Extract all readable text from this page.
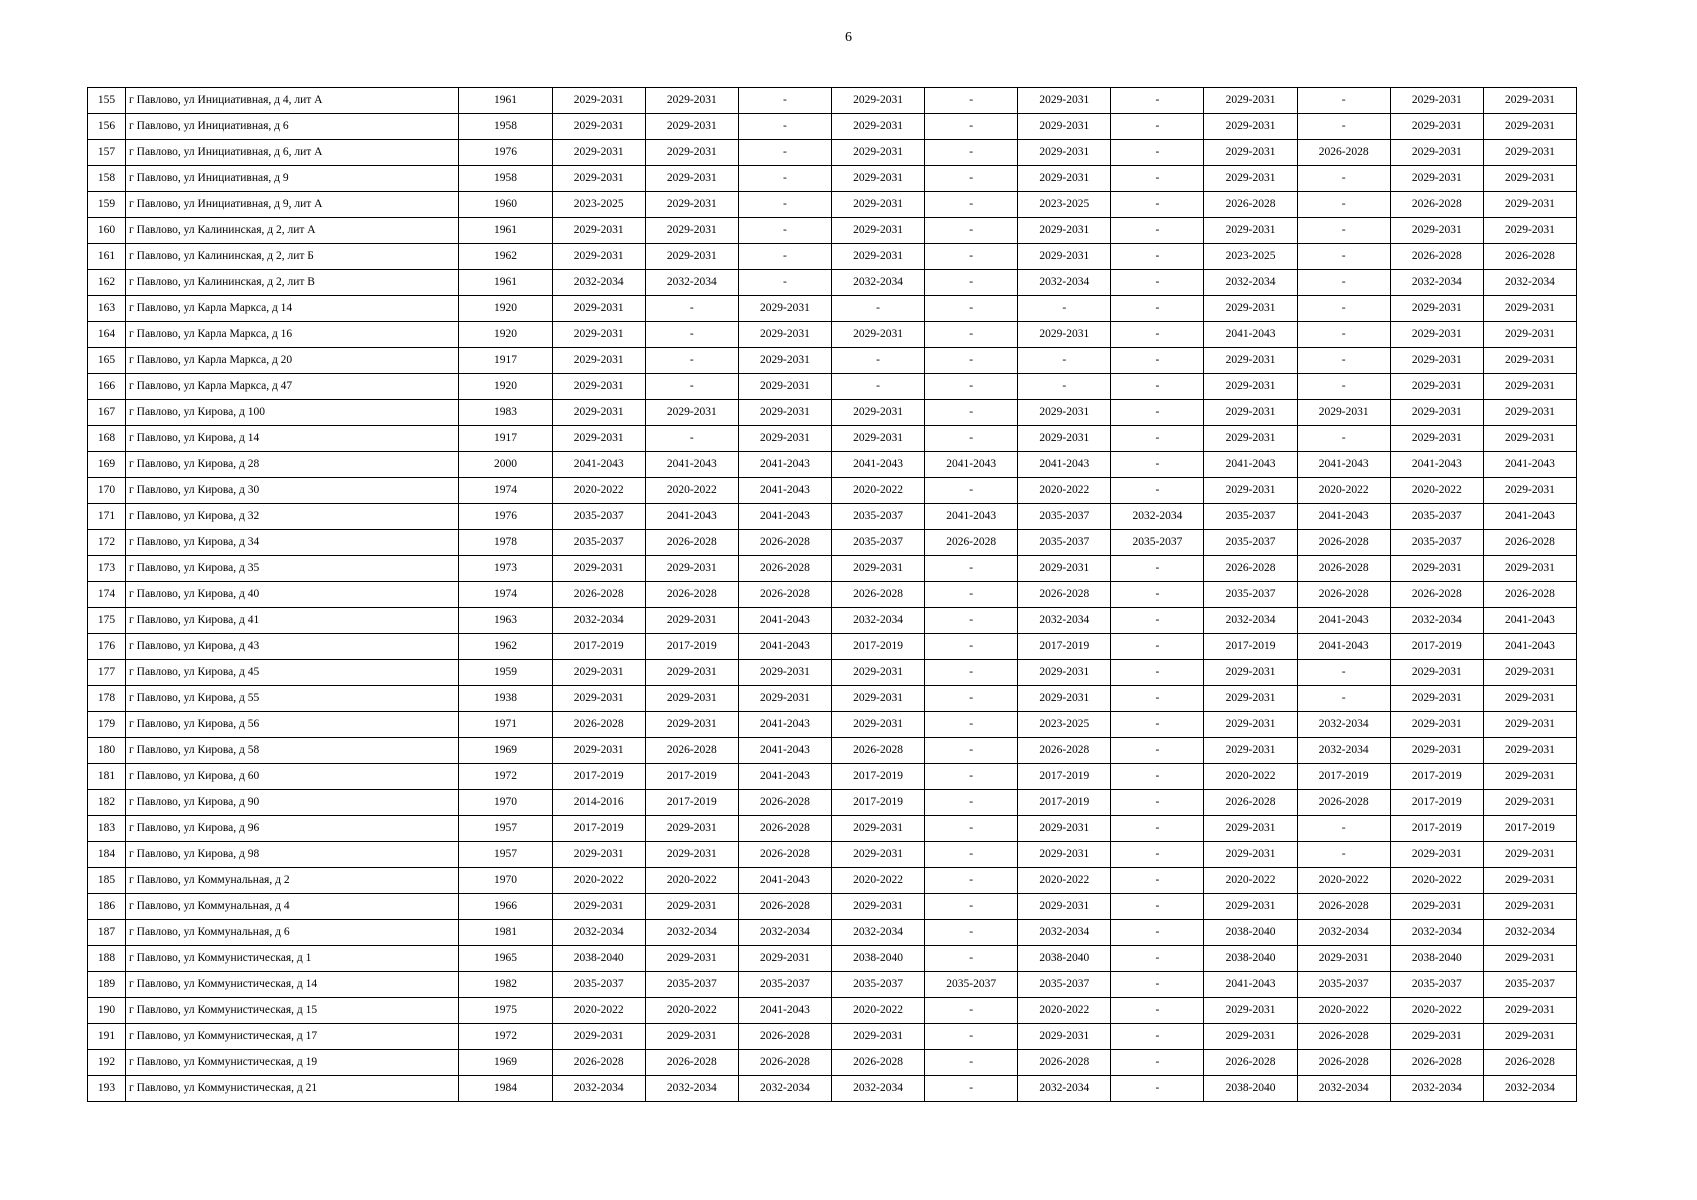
6
155	г Павлово, ул Инициативная, д 4, лит А	1961	2029-2031	2029-2031	-	2029-2031	-	2029-2031	-	2029-2031	-	2029-2031	2029-2031
156	г Павлово, ул Инициативная, д 6	1958	2029-2031	2029-2031	-	2029-2031	-	2029-2031	-	2029-2031	-	2029-2031	2029-2031
157	г Павлово, ул Инициативная, д 6, лит А	1976	2029-2031	2029-2031	-	2029-2031	-	2029-2031	-	2029-2031	2026-2028	2029-2031	2029-2031
158	г Павлово, ул Инициативная, д 9	1958	2029-2031	2029-2031	-	2029-2031	-	2029-2031	-	2029-2031	-	2029-2031	2029-2031
159	г Павлово, ул Инициативная, д 9, лит А	1960	2023-2025	2029-2031	-	2029-2031	-	2023-2025	-	2026-2028	-	2026-2028	2029-2031
160	г Павлово, ул Калининская, д 2, лит А	1961	2029-2031	2029-2031	-	2029-2031	-	2029-2031	-	2029-2031	-	2029-2031	2029-2031
161	г Павлово, ул Калининская, д 2, лит Б	1962	2029-2031	2029-2031	-	2029-2031	-	2029-2031	-	2023-2025	-	2026-2028	2026-2028
162	г Павлово, ул Калининская, д 2, лит В	1961	2032-2034	2032-2034	-	2032-2034	-	2032-2034	-	2032-2034	-	2032-2034	2032-2034
163	г Павлово, ул Карла Маркса, д 14	1920	2029-2031	-	2029-2031	-	-	-	-	2029-2031	-	2029-2031	2029-2031
164	г Павлово, ул Карла Маркса, д 16	1920	2029-2031	-	2029-2031	2029-2031	-	2029-2031	-	2041-2043	-	2029-2031	2029-2031
165	г Павлово, ул Карла Маркса, д 20	1917	2029-2031	-	2029-2031	-	-	-	-	2029-2031	-	2029-2031	2029-2031
166	г Павлово, ул Карла Маркса, д 47	1920	2029-2031	-	2029-2031	-	-	-	-	2029-2031	-	2029-2031	2029-2031
167	г Павлово, ул Кирова, д 100	1983	2029-2031	2029-2031	2029-2031	2029-2031	-	2029-2031	-	2029-2031	2029-2031	2029-2031	2029-2031
168	г Павлово, ул Кирова, д 14	1917	2029-2031	-	2029-2031	2029-2031	-	2029-2031	-	2029-2031	-	2029-2031	2029-2031
169	г Павлово, ул Кирова, д 28	2000	2041-2043	2041-2043	2041-2043	2041-2043	2041-2043	2041-2043	-	2041-2043	2041-2043	2041-2043	2041-2043
170	г Павлово, ул Кирова, д 30	1974	2020-2022	2020-2022	2041-2043	2020-2022	-	2020-2022	-	2029-2031	2020-2022	2020-2022	2029-2031
171	г Павлово, ул Кирова, д 32	1976	2035-2037	2041-2043	2041-2043	2035-2037	2041-2043	2035-2037	2032-2034	2035-2037	2041-2043	2035-2037	2041-2043
172	г Павлово, ул Кирова, д 34	1978	2035-2037	2026-2028	2026-2028	2035-2037	2026-2028	2035-2037	2035-2037	2035-2037	2026-2028	2035-2037	2026-2028
173	г Павлово, ул Кирова, д 35	1973	2029-2031	2029-2031	2026-2028	2029-2031	-	2029-2031	-	2026-2028	2026-2028	2029-2031	2029-2031
174	г Павлово, ул Кирова, д 40	1974	2026-2028	2026-2028	2026-2028	2026-2028	-	2026-2028	-	2035-2037	2026-2028	2026-2028	2026-2028
175	г Павлово, ул Кирова, д 41	1963	2032-2034	2029-2031	2041-2043	2032-2034	-	2032-2034	-	2032-2034	2041-2043	2032-2034	2041-2043
176	г Павлово, ул Кирова, д 43	1962	2017-2019	2017-2019	2041-2043	2017-2019	-	2017-2019	-	2017-2019	2041-2043	2017-2019	2041-2043
177	г Павлово, ул Кирова, д 45	1959	2029-2031	2029-2031	2029-2031	2029-2031	-	2029-2031	-	2029-2031	-	2029-2031	2029-2031
178	г Павлово, ул Кирова, д 55	1938	2029-2031	2029-2031	2029-2031	2029-2031	-	2029-2031	-	2029-2031	-	2029-2031	2029-2031
179	г Павлово, ул Кирова, д 56	1971	2026-2028	2029-2031	2041-2043	2029-2031	-	2023-2025	-	2029-2031	2032-2034	2029-2031	2029-2031
180	г Павлово, ул Кирова, д 58	1969	2029-2031	2026-2028	2041-2043	2026-2028	-	2026-2028	-	2029-2031	2032-2034	2029-2031	2029-2031
181	г Павлово, ул Кирова, д 60	1972	2017-2019	2017-2019	2041-2043	2017-2019	-	2017-2019	-	2020-2022	2017-2019	2017-2019	2029-2031
182	г Павлово, ул Кирова, д 90	1970	2014-2016	2017-2019	2026-2028	2017-2019	-	2017-2019	-	2026-2028	2026-2028	2017-2019	2029-2031
183	г Павлово, ул Кирова, д 96	1957	2017-2019	2029-2031	2026-2028	2029-2031	-	2029-2031	-	2029-2031	-	2017-2019	2017-2019
184	г Павлово, ул Кирова, д 98	1957	2029-2031	2029-2031	2026-2028	2029-2031	-	2029-2031	-	2029-2031	-	2029-2031	2029-2031
185	г Павлово, ул Коммунальная, д 2	1970	2020-2022	2020-2022	2041-2043	2020-2022	-	2020-2022	-	2020-2022	2020-2022	2020-2022	2029-2031
186	г Павлово, ул Коммунальная, д 4	1966	2029-2031	2029-2031	2026-2028	2029-2031	-	2029-2031	-	2029-2031	2026-2028	2029-2031	2029-2031
187	г Павлово, ул Коммунальная, д 6	1981	2032-2034	2032-2034	2032-2034	2032-2034	-	2032-2034	-	2038-2040	2032-2034	2032-2034	2032-2034
188	г Павлово, ул Коммунистическая, д 1	1965	2038-2040	2029-2031	2029-2031	2038-2040	-	2038-2040	-	2038-2040	2029-2031	2038-2040	2029-2031
189	г Павлово, ул Коммунистическая, д 14	1982	2035-2037	2035-2037	2035-2037	2035-2037	2035-2037	2035-2037	-	2041-2043	2035-2037	2035-2037	2035-2037
190	г Павлово, ул Коммунистическая, д 15	1975	2020-2022	2020-2022	2041-2043	2020-2022	-	2020-2022	-	2029-2031	2020-2022	2020-2022	2029-2031
191	г Павлово, ул Коммунистическая, д 17	1972	2029-2031	2029-2031	2026-2028	2029-2031	-	2029-2031	-	2029-2031	2026-2028	2029-2031	2029-2031
192	г Павлово, ул Коммунистическая, д 19	1969	2026-2028	2026-2028	2026-2028	2026-2028	-	2026-2028	-	2026-2028	2026-2028	2026-2028	2026-2028
193	г Павлово, ул Коммунистическая, д 21	1984	2032-2034	2032-2034	2032-2034	2032-2034	-	2032-2034	-	2038-2040	2032-2034	2032-2034	2032-2034
